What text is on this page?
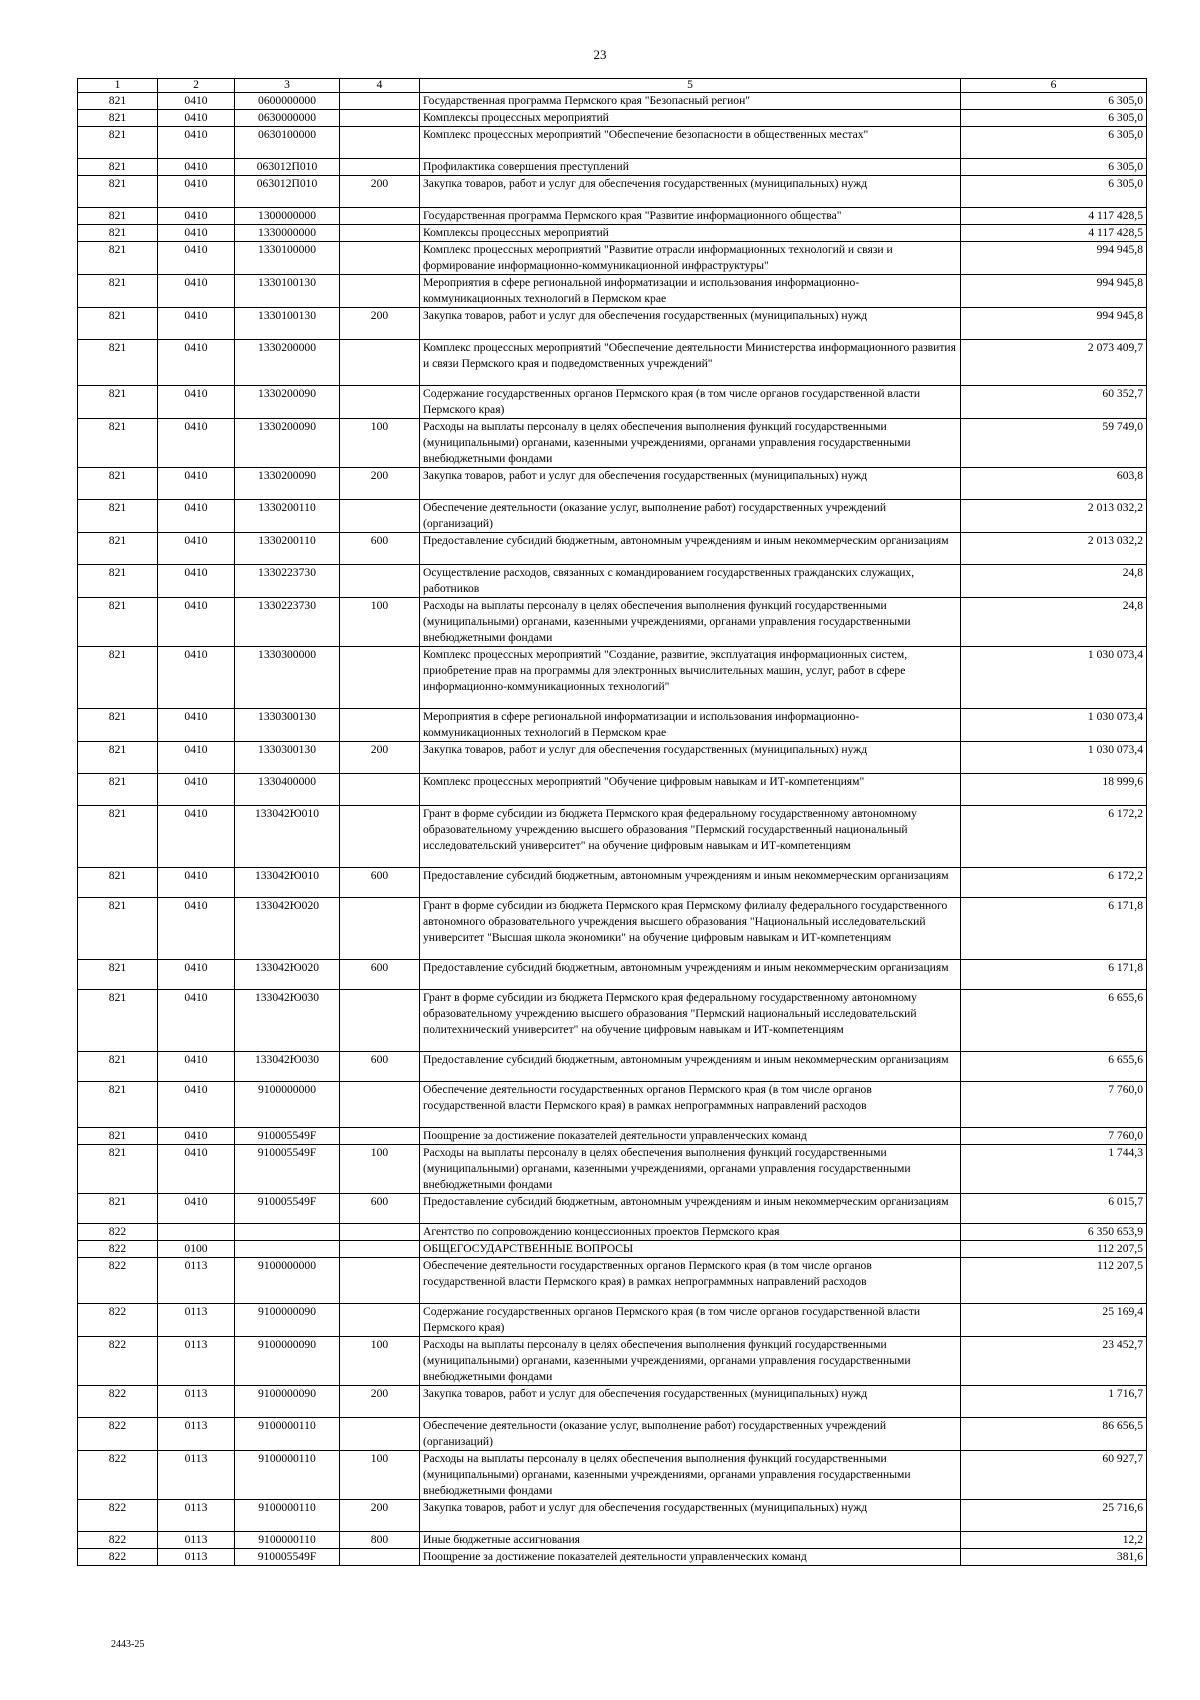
23
1	2	3	4	5	6
821	0410	0600000000		Государственная программа Пермского края "Безопасный регион"	6 305,0
821	0410	0630000000		Комплексы процессных мероприятий	6 305,0
821	0410	0630100000		Комплекс процессных мероприятий "Обеспечение безопасности в общественных местах"	6 305,0
821	0410	063012П010		Профилактика совершения преступлений	6 305,0
821	0410	063012П010	200	Закупка товаров, работ и услуг для обеспечения государственных (муниципальных) нужд	6 305,0
821	0410	1300000000		Государственная программа Пермского края "Развитие информационного общества"	4 117 428,5
821	0410	1330000000		Комплексы процессных мероприятий	4 117 428,5
821	0410	1330100000		Комплекс процессных мероприятий "Развитие отрасли информационных технологий и связи и формирование информационно-коммуникационной инфраструктуры"	994 945,8
821	0410	1330100130		Мероприятия в сфере региональной информатизации и использования информационно-коммуникационных технологий в Пермском крае	994 945,8
821	0410	1330100130	200	Закупка товаров, работ и услуг для обеспечения государственных (муниципальных) нужд	994 945,8
821	0410	1330200000		Комплекс процессных мероприятий "Обеспечение деятельности Министерства информационного развития и связи Пермского края и подведомственных учреждений"	2 073 409,7
821	0410	1330200090		Содержание государственных органов Пермского края (в том числе органов государственной власти Пермского края)	60 352,7
821	0410	1330200090	100	Расходы на выплаты персоналу в целях обеспечения выполнения функций государственными (муниципальными) органами, казенными учреждениями, органами управления государственными внебюджетными фондами	59 749,0
821	0410	1330200090	200	Закупка товаров, работ и услуг для обеспечения государственных (муниципальных) нужд	603,8
821	0410	1330200110		Обеспечение деятельности (оказание услуг, выполнение работ) государственных учреждений (организаций)	2 013 032,2
821	0410	1330200110	600	Предоставление субсидий бюджетным, автономным учреждениям и иным некоммерческим организациям	2 013 032,2
821	0410	1330223730		Осуществление расходов, связанных с командированием государственных гражданских служащих, работников	24,8
821	0410	1330223730	100	Расходы на выплаты персоналу в целях обеспечения выполнения функций государственными (муниципальными) органами, казенными учреждениями, органами управления государственными внебюджетными фондами	24,8
821	0410	1330300000		Комплекс процессных мероприятий "Создание, развитие, эксплуатация информационных систем, приобретение прав на программы для электронных вычислительных машин, услуг, работ в сфере информационно-коммуникационных технологий"	1 030 073,4
821	0410	1330300130		Мероприятия в сфере региональной информатизации и использования информационно-коммуникационных технологий в Пермском крае	1 030 073,4
821	0410	1330300130	200	Закупка товаров, работ и услуг для обеспечения государственных (муниципальных) нужд	1 030 073,4
821	0410	1330400000		Комплекс процессных мероприятий "Обучение цифровым навыкам и ИТ-компетенциям"	18 999,6
821	0410	133042Ю010		Грант в форме субсидии из бюджета Пермского края федеральному государственному автономному образовательному учреждению высшего образования "Пермский государственный национальный исследовательский университет" на обучение цифровым навыкам и ИТ-компетенциям	6 172,2
821	0410	133042Ю010	600	Предоставление субсидий бюджетным, автономным учреждениям и иным некоммерческим организациям	6 172,2
821	0410	133042Ю020		Грант в форме субсидии из бюджета Пермского края Пермскому филиалу федерального государственного автономного образовательного учреждения высшего образования "Национальный исследовательский университет "Высшая школа экономики" на обучение цифровым навыкам и ИТ-компетенциям	6 171,8
821	0410	133042Ю020	600	Предоставление субсидий бюджетным, автономным учреждениям и иным некоммерческим организациям	6 171,8
821	0410	133042Ю030		Грант в форме субсидии из бюджета Пермского края федеральному государственному автономному образовательному учреждению высшего образования "Пермский национальный исследовательский политехнический университет" на обучение цифровым навыкам и ИТ-компетенциям	6 655,6
821	0410	133042Ю030	600	Предоставление субсидий бюджетным, автономным учреждениям и иным некоммерческим организациям	6 655,6
821	0410	9100000000		Обеспечение деятельности государственных органов Пермского края (в том числе органов государственной власти Пермского края) в рамках непрограммных направлений расходов	7 760,0
821	0410	910005549F		Поощрение за достижение показателей деятельности управленческих команд	7 760,0
821	0410	910005549F	100	Расходы на выплаты персоналу в целях обеспечения выполнения функций государственными (муниципальными) органами, казенными учреждениями, органами управления государственными внебюджетными фондами	1 744,3
821	0410	910005549F	600	Предоставление субсидий бюджетным, автономным учреждениям и иным некоммерческим организациям	6 015,7
822				Агентство по сопровождению концессионных проектов Пермского края	6 350 653,9
822	0100			ОБЩЕГОСУДАРСТВЕННЫЕ ВОПРОСЫ	112 207,5
822	0113	9100000000		Обеспечение деятельности государственных органов Пермского края (в том числе органов государственной власти Пермского края) в рамках непрограммных направлений расходов	112 207,5
822	0113	9100000090		Содержание государственных органов Пермского края (в том числе органов государственной власти Пермского края)	25 169,4
822	0113	9100000090	100	Расходы на выплаты персоналу в целях обеспечения выполнения функций государственными (муниципальными) органами, казенными учреждениями, органами управления государственными внебюджетными фондами	23 452,7
822	0113	9100000090	200	Закупка товаров, работ и услуг для обеспечения государственных (муниципальных) нужд	1 716,7
822	0113	9100000110		Обеспечение деятельности (оказание услуг, выполнение работ) государственных учреждений (организаций)	86 656,5
822	0113	9100000110	100	Расходы на выплаты персоналу в целях обеспечения выполнения функций государственными (муниципальными) органами, казенными учреждениями, органами управления государственными внебюджетными фондами	60 927,7
822	0113	9100000110	200	Закупка товаров, работ и услуг для обеспечения государственных (муниципальных) нужд	25 716,6
822	0113	9100000110	800	Иные бюджетные ассигнования	12,2
822	0113	910005549F		Поощрение за достижение показателей деятельности управленческих команд	381,6
2443-25
